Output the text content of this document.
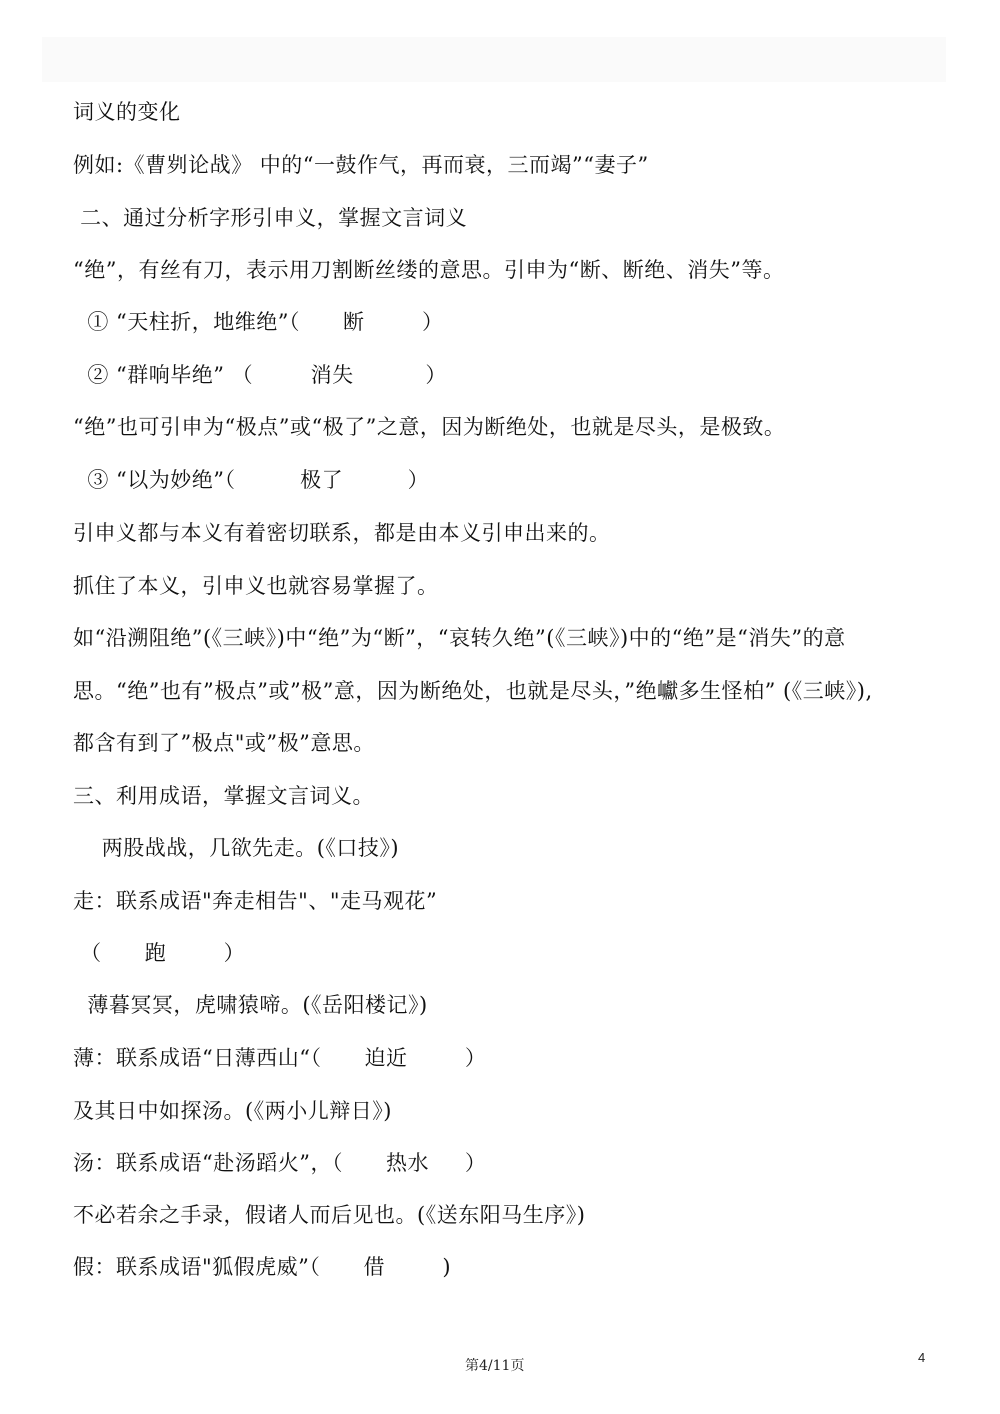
词义的变化
例如:《曹刿论战》 中的“一鼓作气，再而衰，三而竭”“妻子”
二、通过分析字形引申义，掌握文言词义
“绝”，有丝有刀，表示用刀割断丝缕的意思。引申为“断、断绝、消失”等。
① “天柱折，地维绝”（      断        ）
② “群响毕绝” （        消失          ）
“绝”也可引申为“极点”或“极了”之意，因为断绝处，也就是尽头，是极致。
③ “以为妙绝”（         极了         ）
引申义都与本义有着密切联系，都是由本义引申出来的。
抓住了本义，引申义也就容易掌握了。
如“沿溯阻绝”(《三峡》)中“绝”为“断”，“哀转久绝”(《三峡》)中的“绝”是“消失”的意
思。“绝”也有”极点”或”极”意，因为断绝处，也就是尽头，”绝巘多生怪柏” (《三峡》),
都含有到了”极点"或”极”意思。
三、利用成语，掌握文言词义。
两股战战，几欲先走。(《口技》)
走：联系成语"奔走相告"、"走马观花”
（      跑        ）
薄暮冥冥，虎啸猿啼。(《岳阳楼记》)
薄：联系成语“日薄西山“（      迫近        ）
及其日中如探汤。(《两小儿辩日》)
汤：联系成语“赴汤蹈火”，（      热水     ）
不必若余之手录，假诸人而后见也。(《送东阳马生序》)
假：联系成语"狐假虎威”（      借        )
第4/11页
4
